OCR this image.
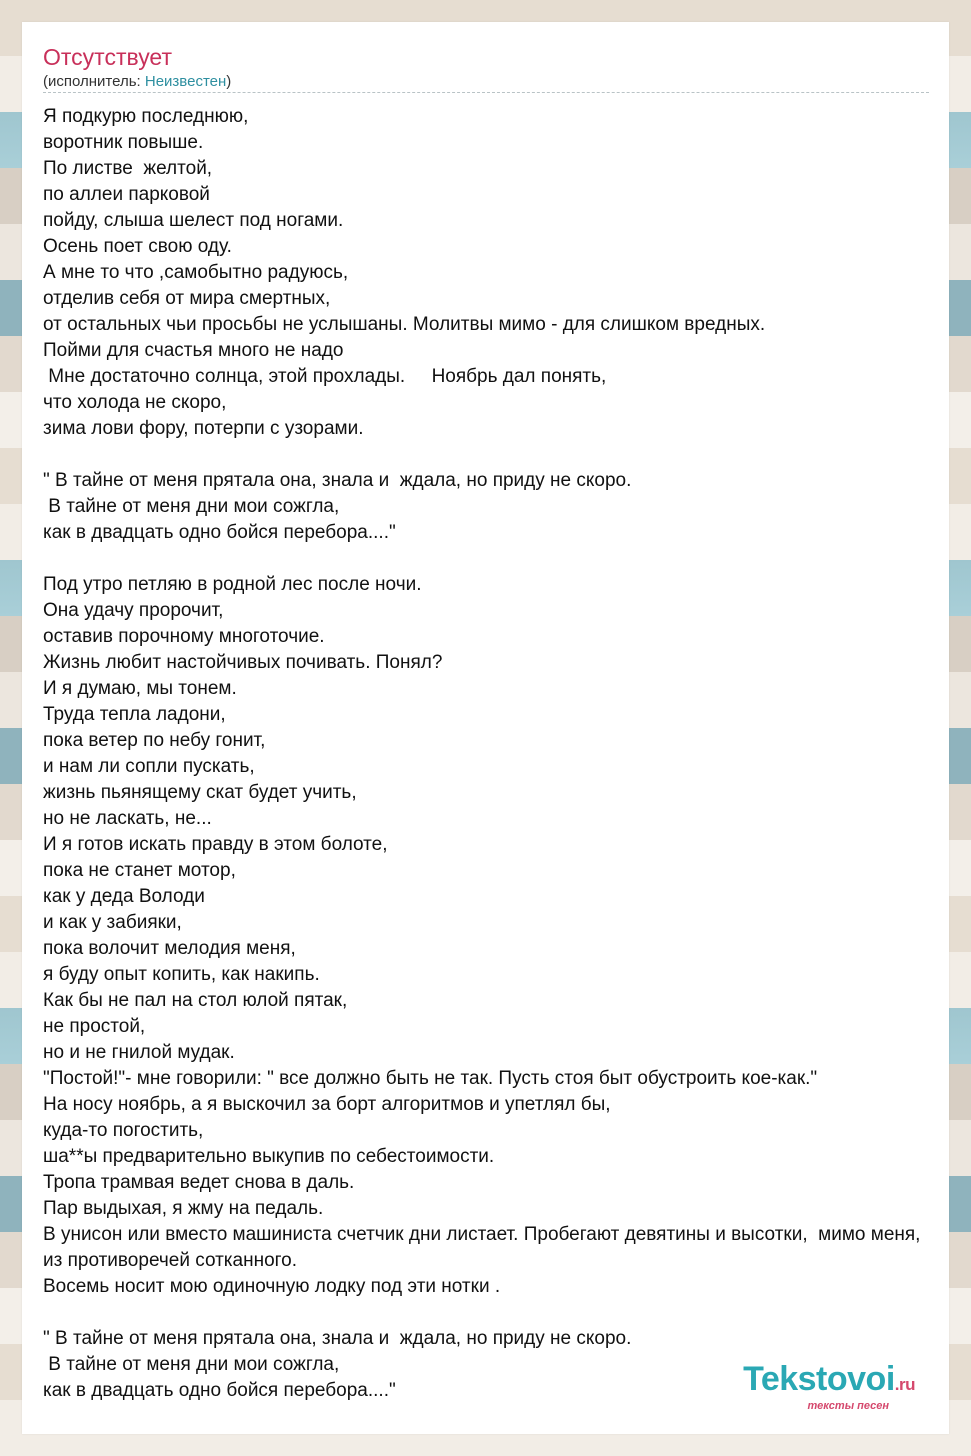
Отсутствует
(исполнитель: Неизвестен)
Я подкурю последнюю,
воротник повыше.
По листве  желтой,
по аллеи парковой
пойду, слыша шелест под ногами.
Осень поет свою оду.
А мне то что ,самобытно радуюсь,
отделив себя от мира смертных,
от остальных чьи просьбы не услышаны. Молитвы мимо - для слишком вредных.
Пойми для счастья много не надо
Мне достаточно солнца, этой прохлады.     Ноябрь дал понять,
что холода не скоро,
зима лови фору, потерпи с узорами.

" В тайне от меня прятала она, знала и  ждала, но приду не скоро.
В тайне от меня дни мои сожгла,
как в двадцать одно бойся перебора...."

Под утро петляю в родной лес после ночи.
Она удачу пророчит,
оставив порочному многоточие.
Жизнь любит настойчивых почивать. Понял?
И я думаю, мы тонем.
Труда тепла ладони,
пока ветер по небу гонит,
и нам ли сопли пускать,
жизнь пьянящему скат будет учить,
но не ласкать, не...
И я готов искать правду в этом болоте,
пока не станет мотор,
как у деда Володи
и как у забияки,
пока волочит мелодия меня,
я буду опыт копить, как накипь.
Как бы не пал на стол юлой пятак,
не простой,
но и не гнилой мудак.
"Постой!"- мне говорили: " все должно быть не так. Пусть стоя быт обустроить кое-как."
На носу ноябрь, а я выскочил за борт алгоритмов и упетлял бы,
куда-то погостить,
ша**ы предварительно выкупив по себестоимости.
Тропа трамвая ведет снова в даль.
Пар выдыхая, я жму на педаль.
В унисон или вместо машиниста счетчик дни листает. Пробегают девятины и высотки,  мимо меня,
из противоречей сотканного.
Восемь носит мою одиночную лодку под эти нотки .

" В тайне от меня прятала она, знала и  ждала, но приду не скоро.
В тайне от меня дни мои сожгла,
как в двадцать одно бойся перебора...."	Tekstovoi.ru
тексты песен
